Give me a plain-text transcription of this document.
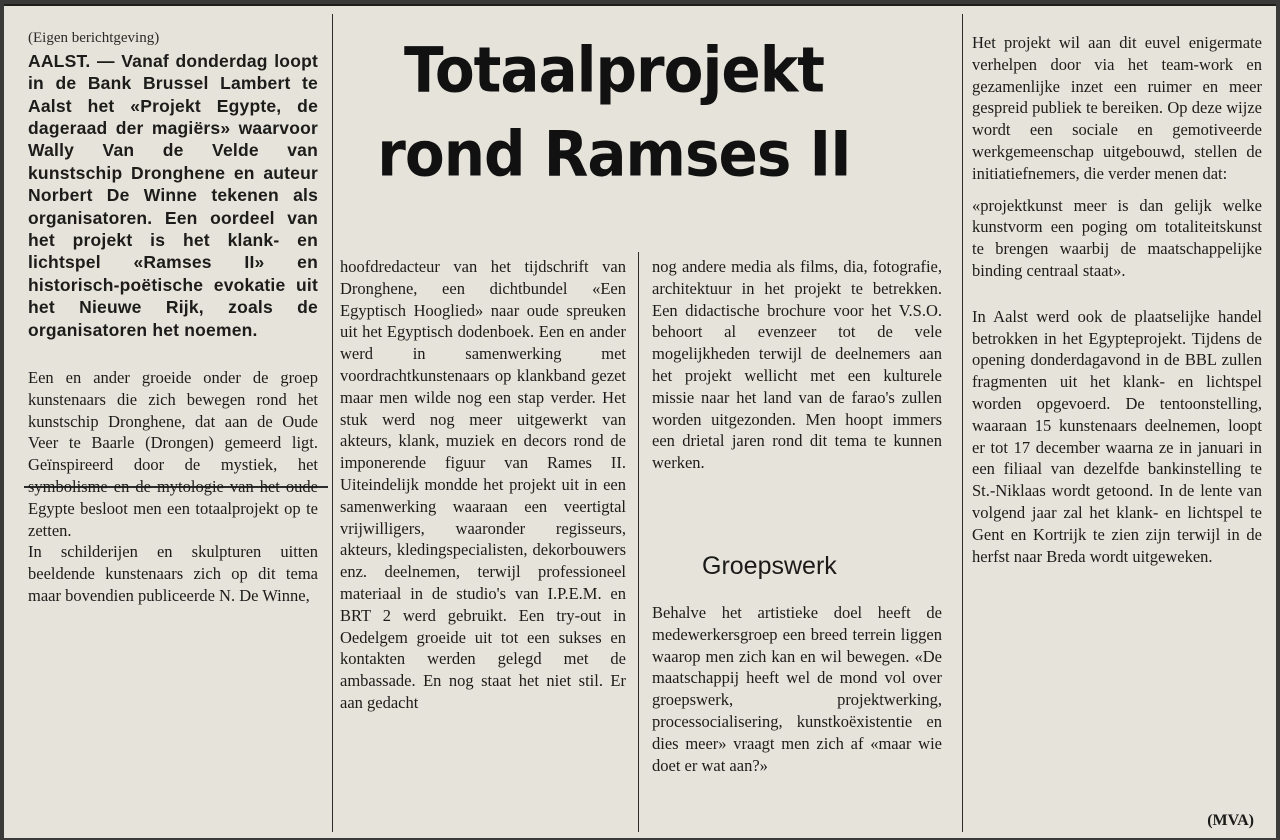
(Eigen berichtgeving)

AALST. — Vanaf donderdag loopt in de Bank Brussel Lambert te Aalst het «Projekt Egypte, de dageraad der magiërs» waarvoor Wally Van de Velde van kunstschip Dronghene en auteur Norbert De Winne tekenen als organisatoren. Een oordeel van het projekt is het klank- en lichtspel «Ramses II» en historisch-poëtische evokatie uit het Nieuwe Rijk, zoals de organisatoren het noemen.

Een en ander groeide onder de groep kunstenaars die zich bewegen rond het kunstschip Dronghene, dat aan de Oude Veer te Baarle (Drongen) gemeerd ligt. Geïnspireerd door de mystiek, het symbolisme en de mytologie van het oude Egypte besloot men een totaalprojekt op te zetten.

In schilderijen en skulpturen uitten beeldende kunstenaars zich op dit tema maar bovendien publiceerde N. De Winne,

Totaalprojekt
rond Ramses II

hoofdredacteur van het tijdschrift van Dronghene, een dichtbundel «Een Egyptisch Hooglied» naar oude spreuken uit het Egyptisch dodenboek. Een en ander werd in samenwerking met voordrachtkunstenaars op klankband gezet maar men wilde nog een stap verder. Het stuk werd nog meer uitgewerkt van akteurs, klank, muziek en decors rond de imponerende figuur van Rames II. Uiteindelijk mondde het projekt uit in een samenwerking waaraan een veertigtal vrijwilligers, waaronder regisseurs, akteurs, kledingspecialisten, dekorbouwers enz. deelnemen, terwijl professioneel materiaal in de studio's van I.P.E.M. en BRT 2 werd gebruikt. Een try-out in Oedelgem groeide uit tot een sukses en kontakten werden gelegd met de ambassade. En nog staat het niet stil. Er aan gedacht

nog andere media als films, dia, fotografie, architektuur in het projekt te betrekken. Een didactische brochure voor het V.S.O. behoort al evenzeer tot de vele mogelijkheden terwijl de deelnemers aan het projekt wellicht met een kulturele missie naar het land van de farao's zullen worden uitgezonden. Men hoopt immers een drietal jaren rond dit tema te kunnen werken.

Groepswerk

Behalve het artistieke doel heeft de medewerkersgroep een breed terrein liggen waarop men zich kan en wil bewegen. «De maatschappij heeft wel de mond vol over groepswerk, projektwerking, processocialisering, kunstkoëxistentie en dies meer» vraagt men zich af «maar wie doet er wat aan?»

Het projekt wil aan dit euvel enigermate verhelpen door via het team-work en gezamenlijke inzet een ruimer en meer gespreid publiek te bereiken. Op deze wijze wordt een sociale en gemotiveerde werkgemeenschap uitgebouwd, stellen de initiatiefnemers, die verder menen dat:

«projektkunst meer is dan gelijk welke kunstvorm een poging om totaliteitskunst te brengen waarbij de maatschappelijke binding centraal staat».

In Aalst werd ook de plaatselijke handel betrokken in het Egypteprojekt. Tijdens de opening donderdagavond in de BBL zullen fragmenten uit het klank- en lichtspel worden opgevoerd. De tentoonstelling, waaraan 15 kunstenaars deelnemen, loopt er tot 17 december waarna ze in januari in een filiaal van dezelfde bankinstelling te St.-Niklaas wordt getoond. In de lente van volgend jaar zal het klank- en lichtspel te Gent en Kortrijk te zien zijn terwijl in de herfst naar Breda wordt uitgeweken.

(MVA)
